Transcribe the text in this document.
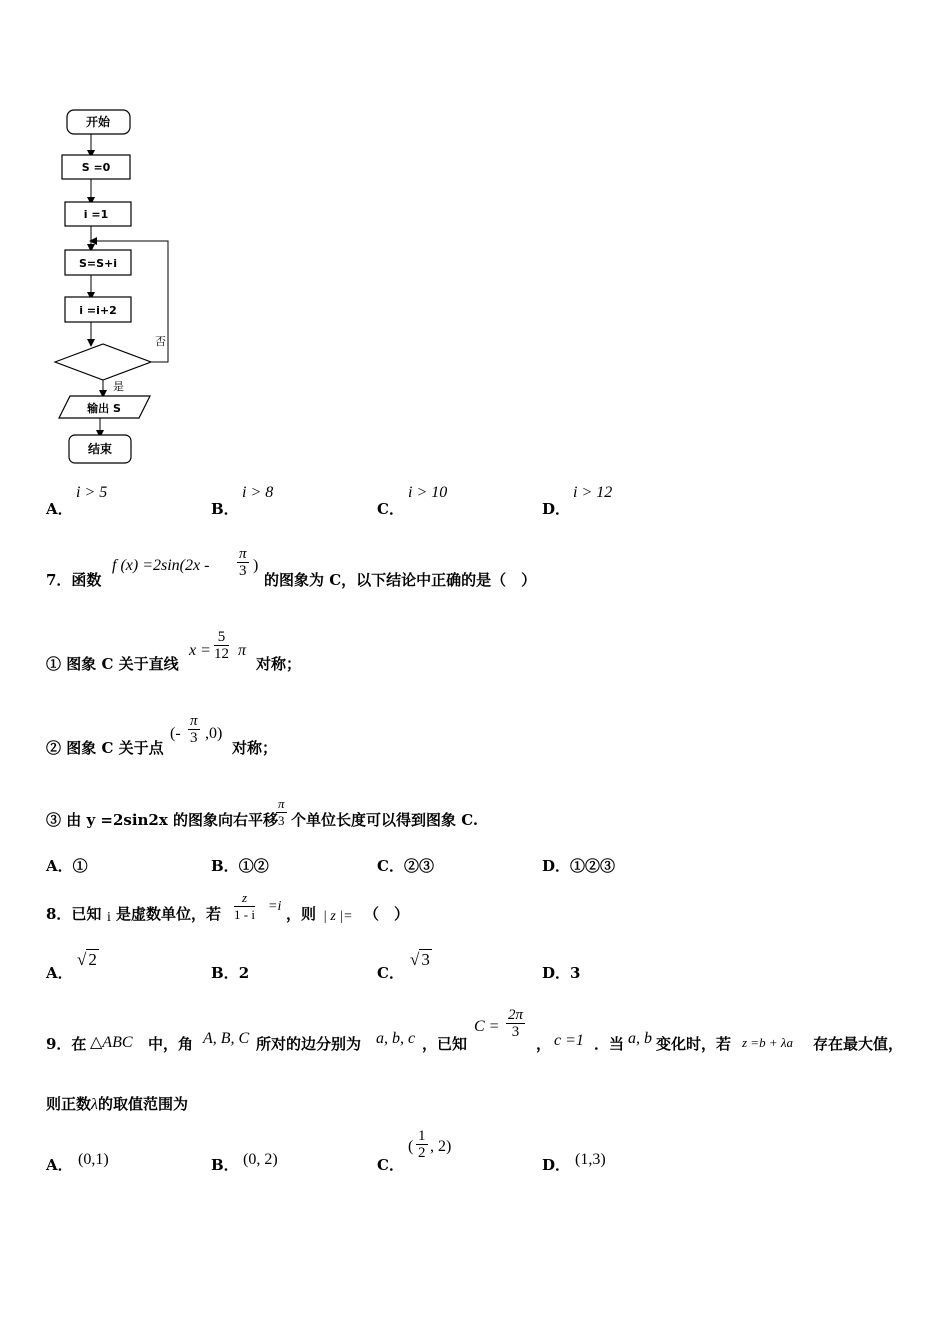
开始
S =0
i =1
S=S+i
i =i+2
否
是
输出 S
结束
A．
i > 5
B．
i > 8
C．
i > 10
D．
i > 12
7．函数
f $(x) =2\sin(2x - \frac{\pi}{3}$ )
的图象为 C，以下结论中正确的是（　）
① 图象 C 关于直线
$x = \frac{5}{12}$ π
对称；
② 图象 C 关于点
(- $\frac{\pi}{3} ,0$)
对称；
③ 由 y =2sin2x 的图象向右平移
$\frac{\pi}{3}$ 个单位长度可以得到图象 C.
A．①	B．①②	C．②③	D．①②③
8．已知 i 是虚数单位，若 $\frac{z}{1 - i} =i$ ，则 | z |= （　）
A．
√ 2
B．2	C．
√ 3
D．3
9．在 △ABC 中，角 A, B, C 所对的边分别为 a, b, c ，已知
$C = \frac{2\pi}{3}$
， c =1 ．当 a, b 变化时，若 z =b + λa 存在最大值，
则正数λ的取值范围为
A． (0,1)	B． (0, 2)	C．
( $\frac{1}{2}$ , 2)
D． (1,3)
